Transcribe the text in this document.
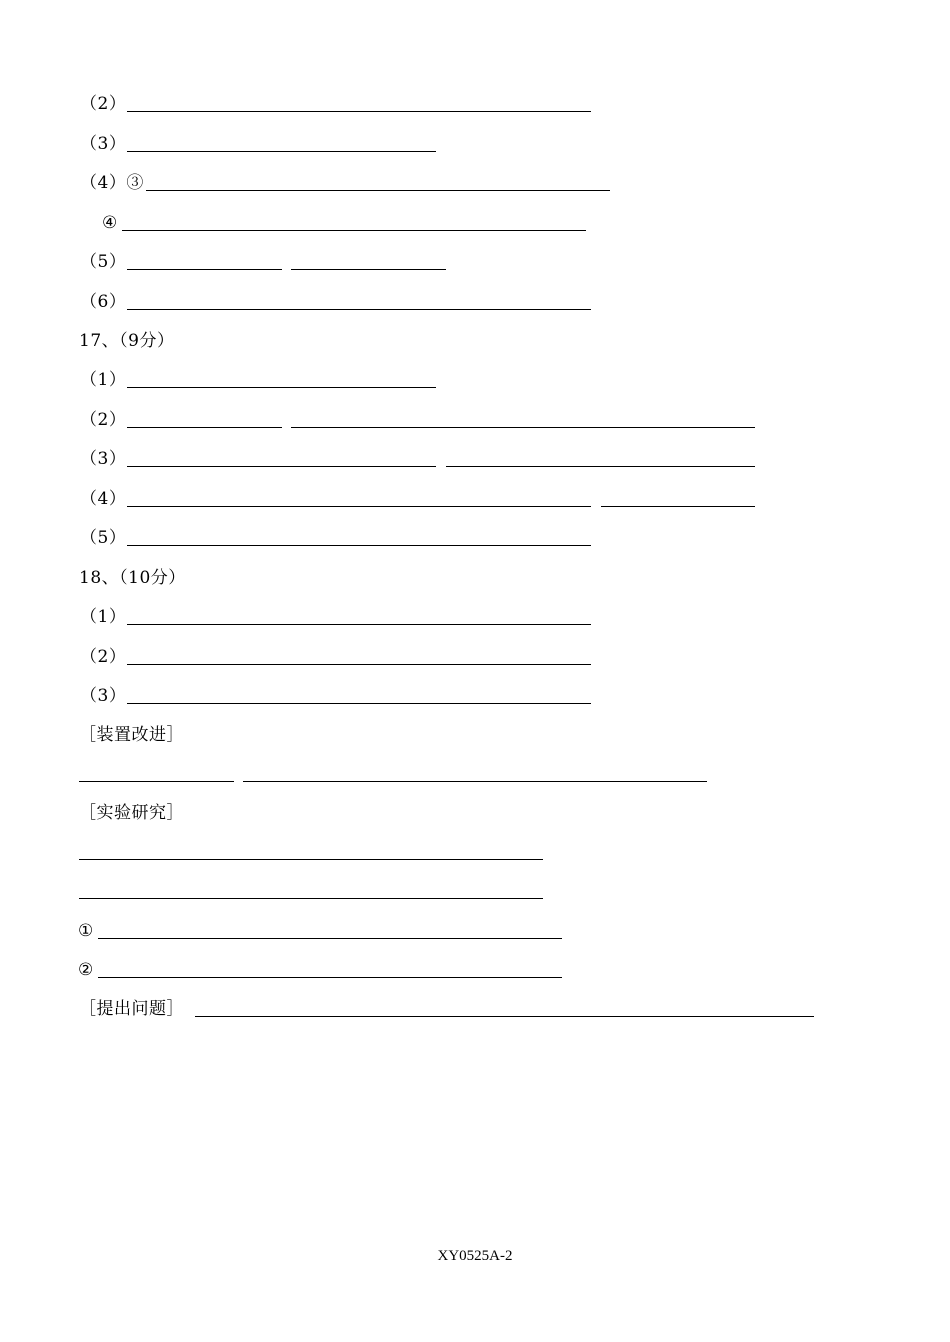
（2）
（3）
（4）③
④
（5）
（6）
17、（9分）
（1）
（2）
（3）
（4）
（5）
18、（10分）
（1）
（2）
（3）
［装置改进］
［实验研究］
①
②
［提出问题］
XY0525A-2
